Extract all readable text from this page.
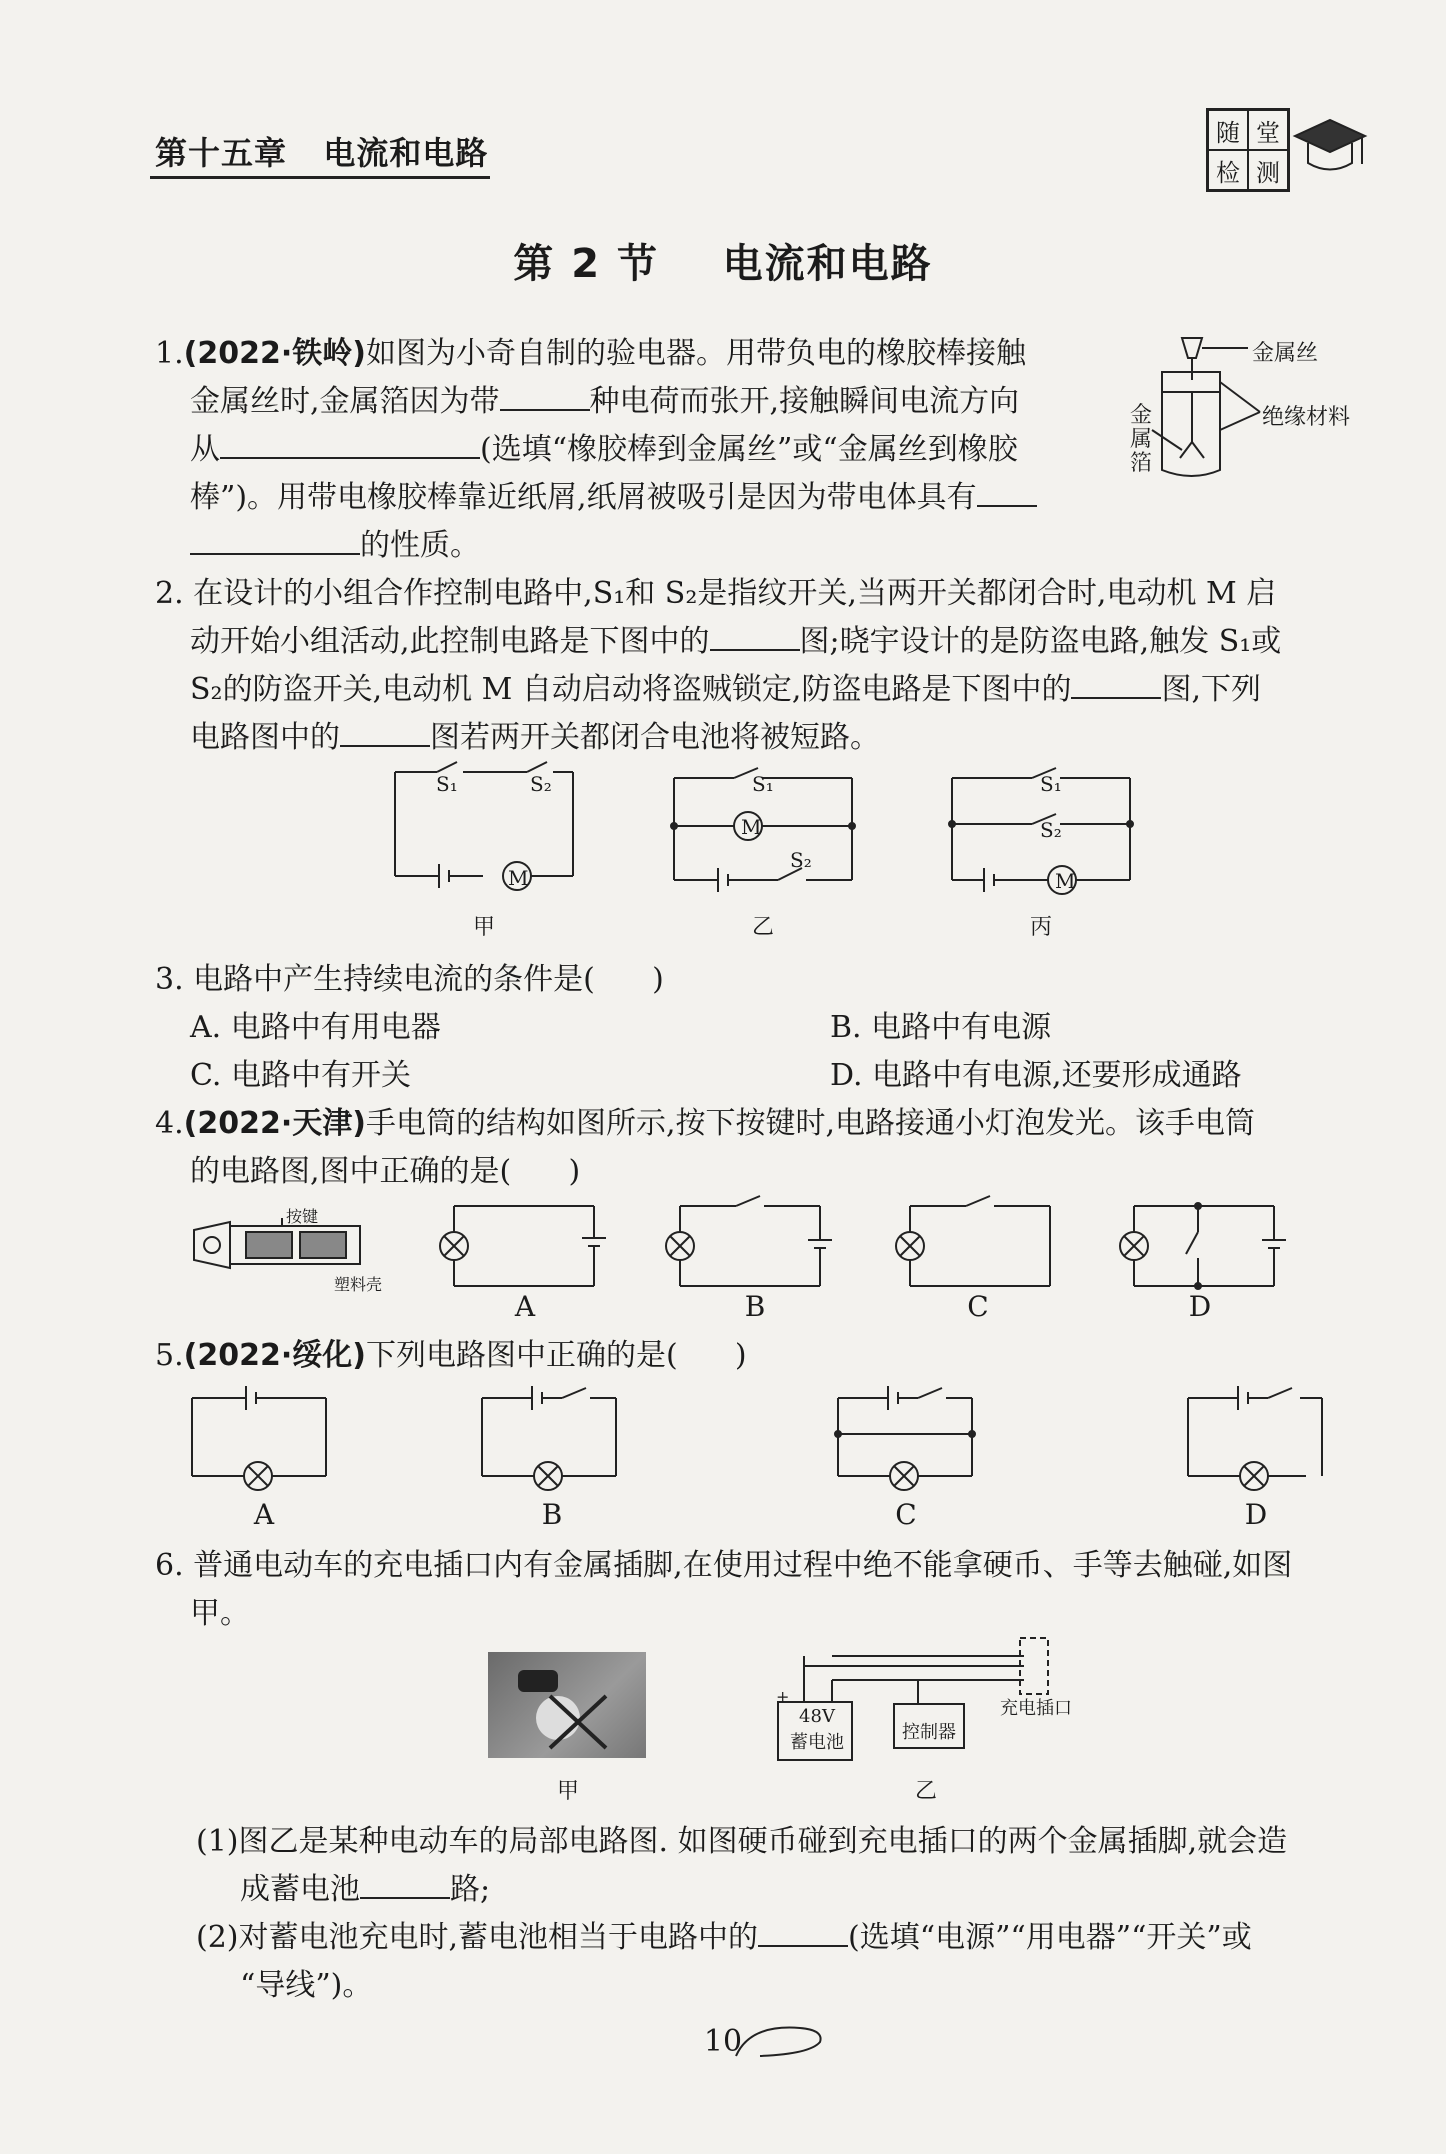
第十五章   电流和电路
随 堂
检 测
第 2 节    电流和电路
1.(2022·铁岭)如图为小奇自制的验电器。用带负电的橡胶棒接触
金属丝时,金属箔因为带	种电荷而张开,接触瞬间电流方向
从	(选填“橡胶棒到金属丝”或“金属丝到橡胶
棒”)。用带电橡胶棒靠近纸屑,纸屑被吸引是因为带电体具有
的性质。
金属丝
绝缘材料
金
属
箔
2. 在设计的小组合作控制电路中,S₁和 S₂是指纹开关,当两开关都闭合时,电动机 M 启
动开始小组活动,此控制电路是下图中的	图;晓宇设计的是防盗电路,触发 S₁或
S₂的防盗开关,电动机 M 自动启动将盗贼锁定,防盗电路是下图中的	图,下列
电路图中的	图若两开关都闭合电池将被短路。
S₁	S₂
M
S₁
M
S₂
S₁
S₂
M
甲	乙	丙
3. 电路中产生持续电流的条件是(      )
A. 电路中有用电器	B. 电路中有电源
C. 电路中有开关	D. 电路中有电源,还要形成通路
4.(2022·天津)手电筒的结构如图所示,按下按键时,电路接通小灯泡发光。该手电筒
的电路图,图中正确的是(      )
按键
塑料壳
A	B	C	D
5.(2022·绥化)下列电路图中正确的是(      )
A	B	C	D
6. 普通电动车的充电插口内有金属插脚,在使用过程中绝不能拿硬币、手等去触碰,如图
甲。
+
48V
蓄电池	控制器
充电插口
甲	乙
(1)图乙是某种电动车的局部电路图. 如图硬币碰到充电插口的两个金属插脚,就会造
成蓄电池	路;
(2)对蓄电池充电时,蓄电池相当于电路中的	(选填“电源”“用电器”“开关”或
“导线”)。
10
